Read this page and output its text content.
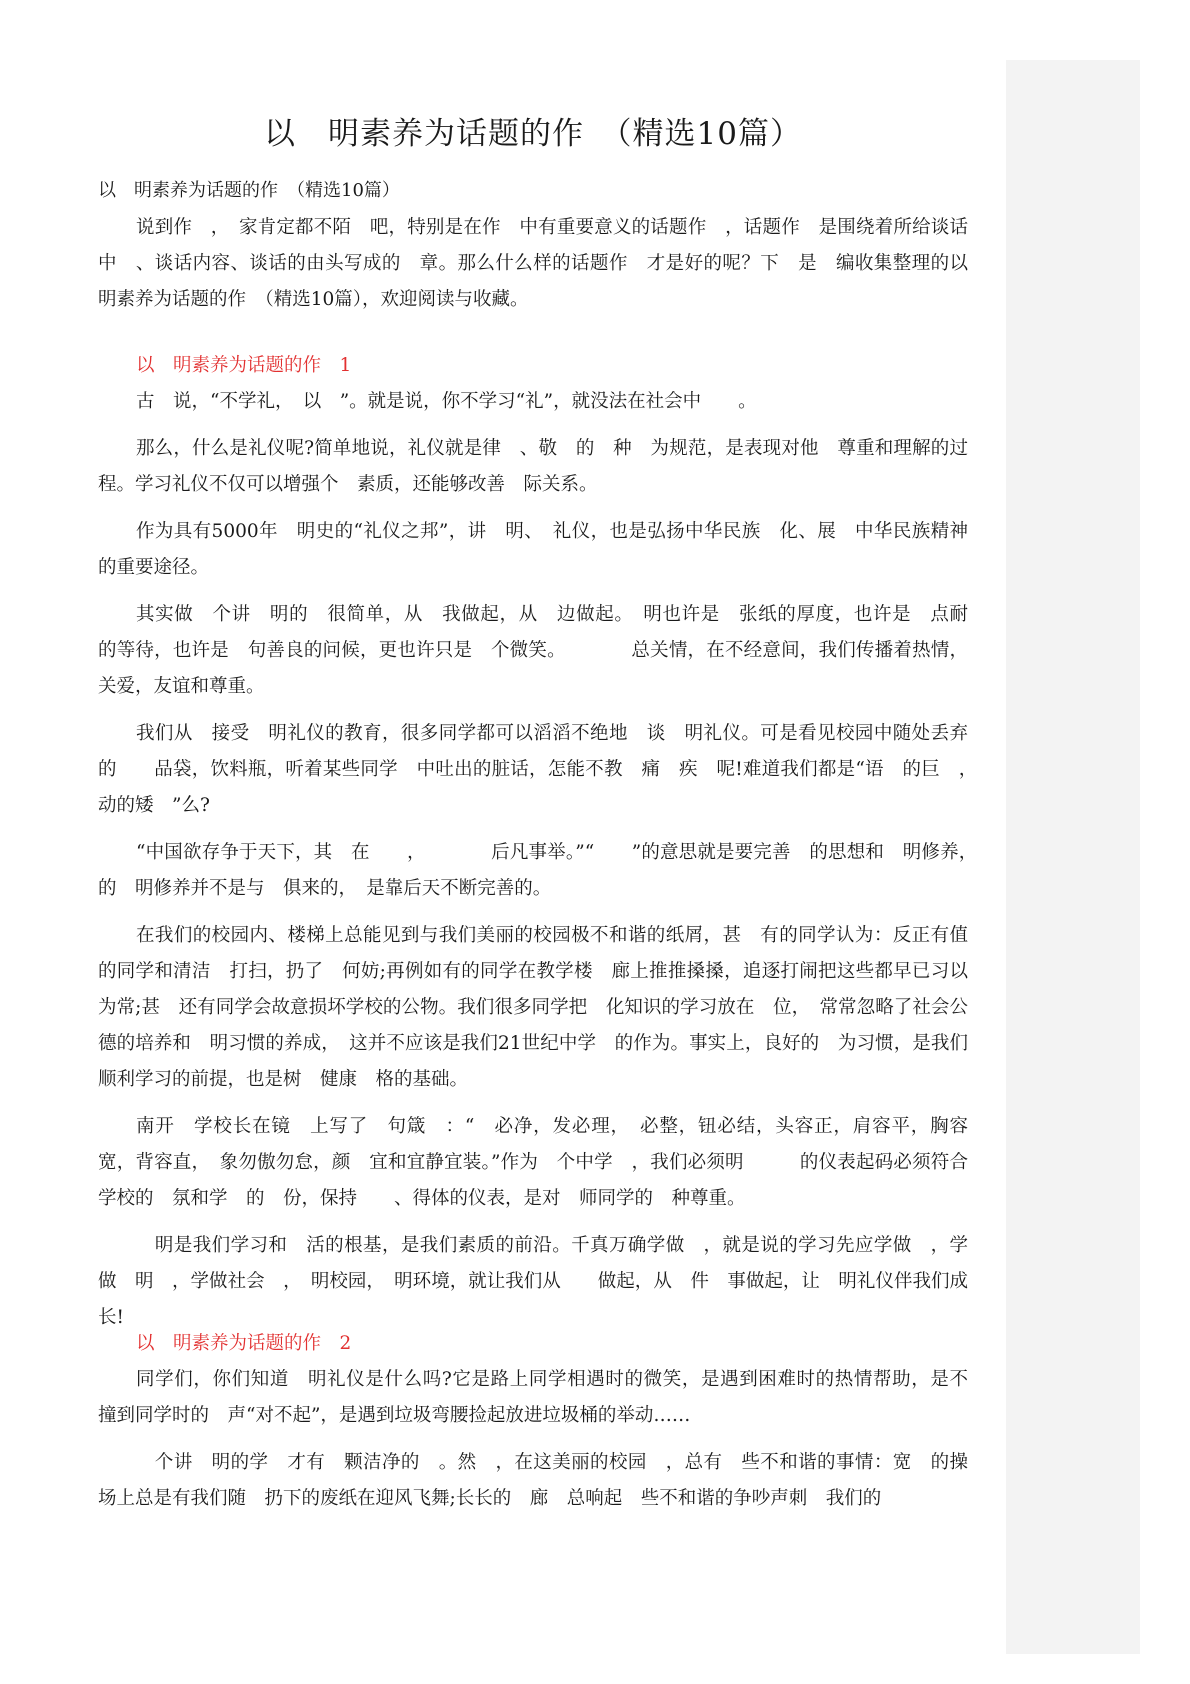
以　明素养为话题的作　（精选10篇）

以　明素养为话题的作　（精选10篇）

说到作　，　家肯定都不陌　吧，特别是在作　中有重要意义的话题作　，话题作　是围绕着所给谈话中　、谈话内容、谈话的由头写成的　章。那么什么样的话题作　才是好的呢？下　是　编收集整理的以　明素养为话题的作　（精选10篇），欢迎阅读与收藏。

以　明素养为话题的作　1

古　说，“不学礼，　以　”。就是说，你不学习“礼”，就没法在社会中　　。

那么，什么是礼仪呢?简单地说，礼仪就是律　、敬　的　种　为规范，是表现对他　尊重和理解的过程。学习礼仪不仅可以增强个　素质，还能够改善　际关系。

作为具有5000年　明史的“礼仪之邦”，讲　明、　礼仪，也是弘扬中华民族　化、展　中华民族精神的重要途径。

其实做　个讲　明的　很简单，从　我做起，从　边做起。　明也许是　张纸的厚度，也许是　点耐　的等待，也许是　句善良的问候，更也许只是　个微笑。　　　　总关情，在不经意间，我们传播着热情，关爱，友谊和尊重。

我们从　接受　明礼仪的教育，很多同学都可以滔滔不绝地　谈　明礼仪。可是看见校园中随处丢弃的　　品袋，饮料瓶，听着某些同学　中吐出的脏话，怎能不教　痛　疾　呢!难道我们都是“语　的巨　，　动的矮　”么?

“中国欲存争于天下，其　在　　，　　　　后凡事举。”“　　”的意思就是要完善　的思想和　明修养，　的　明修养并不是与　俱来的，　是靠后天不断完善的。

在我们的校园内、楼梯上总能见到与我们美丽的校园极不和谐的纸屑，甚　有的同学认为：反正有值　的同学和清洁　打扫，扔了　何妨;再例如有的同学在教学楼　廊上推推搡搡，追逐打闹把这些都早已习以为常;甚　还有同学会故意损坏学校的公物。我们很多同学把　化知识的学习放在　位，　常常忽略了社会公德的培养和　明习惯的养成，　这并不应该是我们21世纪中学　的作为。事实上，良好的　为习惯，是我们顺利学习的前提，也是树　健康　格的基础。

南开　学校长在镜　上写了　句箴　：“　必净，发必理，　必整，钮必结，头容正，肩容平，胸容宽，背容直，　象勿傲勿怠，颜　宜和宜静宜装。”作为　个中学　，我们必须明　　　的仪表起码必须符合学校的　氛和学　的　份，保持　　、得体的仪表，是对　师同学的　种尊重。

　明是我们学习和　活的根基，是我们素质的前沿。千真万确学做　，就是说的学习先应学做　，学做　明　，学做社会　，　明校园，　明环境，就让我们从　　做起，从　件　事做起，让　明礼仪伴我们成长!

以　明素养为话题的作　2

同学们，你们知道　明礼仪是什么吗?它是路上同学相遇时的微笑，是遇到困难时的热情帮助，是不　　撞到同学时的　声“对不起”，是遇到垃圾弯腰捡起放进垃圾桶的举动……

　个讲　明的学　才有　颗洁净的　。然　，在这美丽的校园　，总有　些不和谐的事情：宽　的操场上总是有我们随　扔下的废纸在迎风飞舞;长长的　廊　总响起　些不和谐的争吵声刺　我们的
